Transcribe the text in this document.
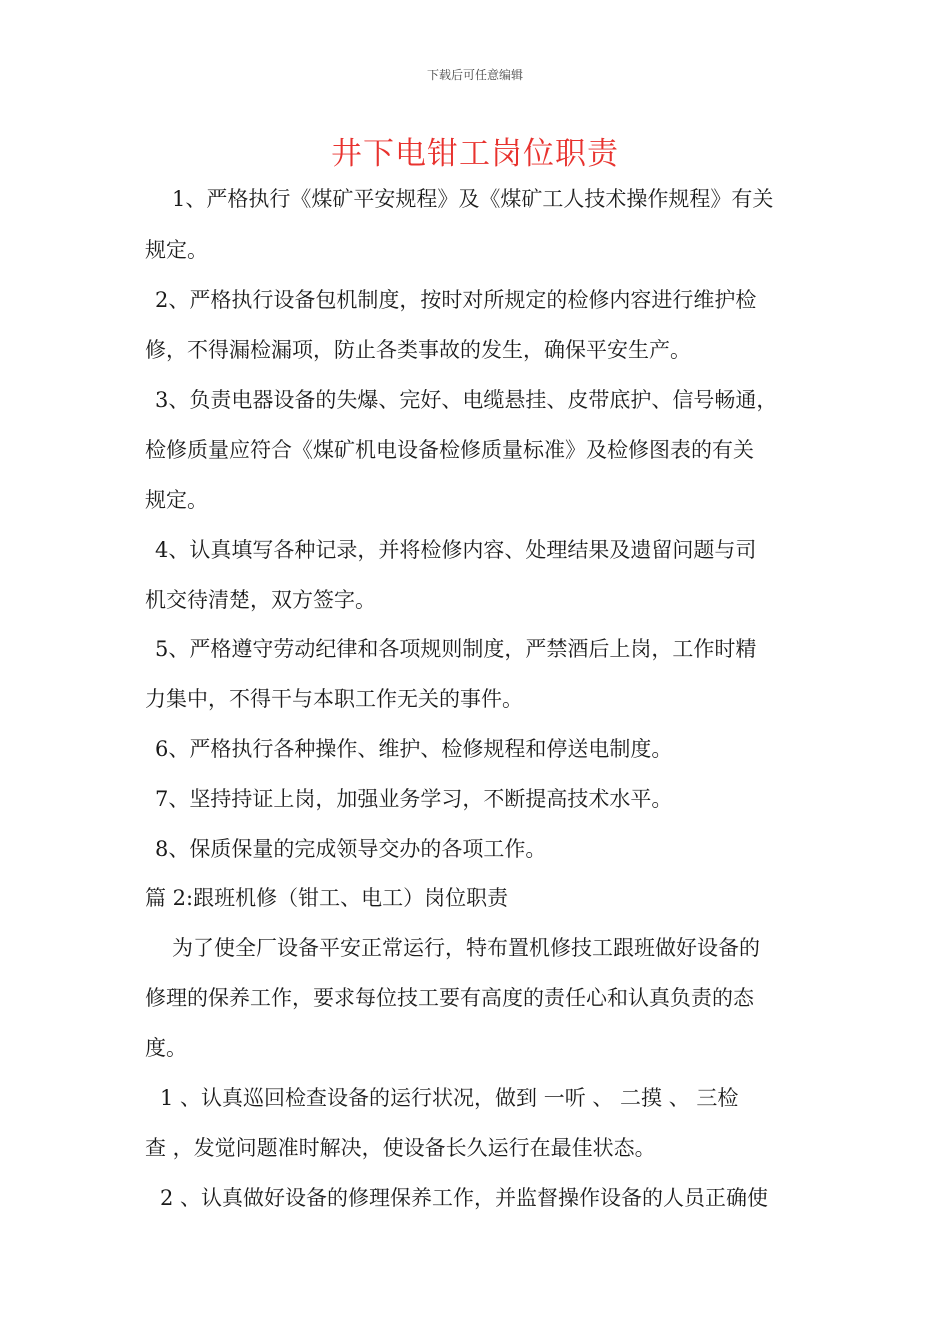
下载后可任意编辑
井下电钳工岗位职责
1、严格执行《煤矿平安规程》及《煤矿工人技术操作规程》有关
规定。
2、严格执行设备包机制度，按时对所规定的检修内容进行维护检
修，不得漏检漏项，防止各类事故的发生，确保平安生产。
3、负责电器设备的失爆、完好、电缆悬挂、皮带底护、信号畅通，
检修质量应符合《煤矿机电设备检修质量标准》及检修图表的有关
规定。
4、认真填写各种记录，并将检修内容、处理结果及遗留问题与司
机交待清楚，双方签字。
5、严格遵守劳动纪律和各项规则制度，严禁酒后上岗，工作时精
力集中，不得干与本职工作无关的事件。
6、严格执行各种操作、维护、检修规程和停送电制度。
7、坚持持证上岗，加强业务学习，不断提高技术水平。
8、保质保量的完成领导交办的各项工作。
篇 2:跟班机修（钳工、电工）岗位职责
为了使全厂设备平安正常运行，特布置机修技工跟班做好设备的
修理的保养工作，要求每位技工要有高度的责任心和认真负责的态
度。
1 、认真巡回检查设备的运行状况，做到 一听 、 二摸 、 三检
查 ，发觉问题准时解决，使设备长久运行在最佳状态。
2 、认真做好设备的修理保养工作，并监督操作设备的人员正确使
